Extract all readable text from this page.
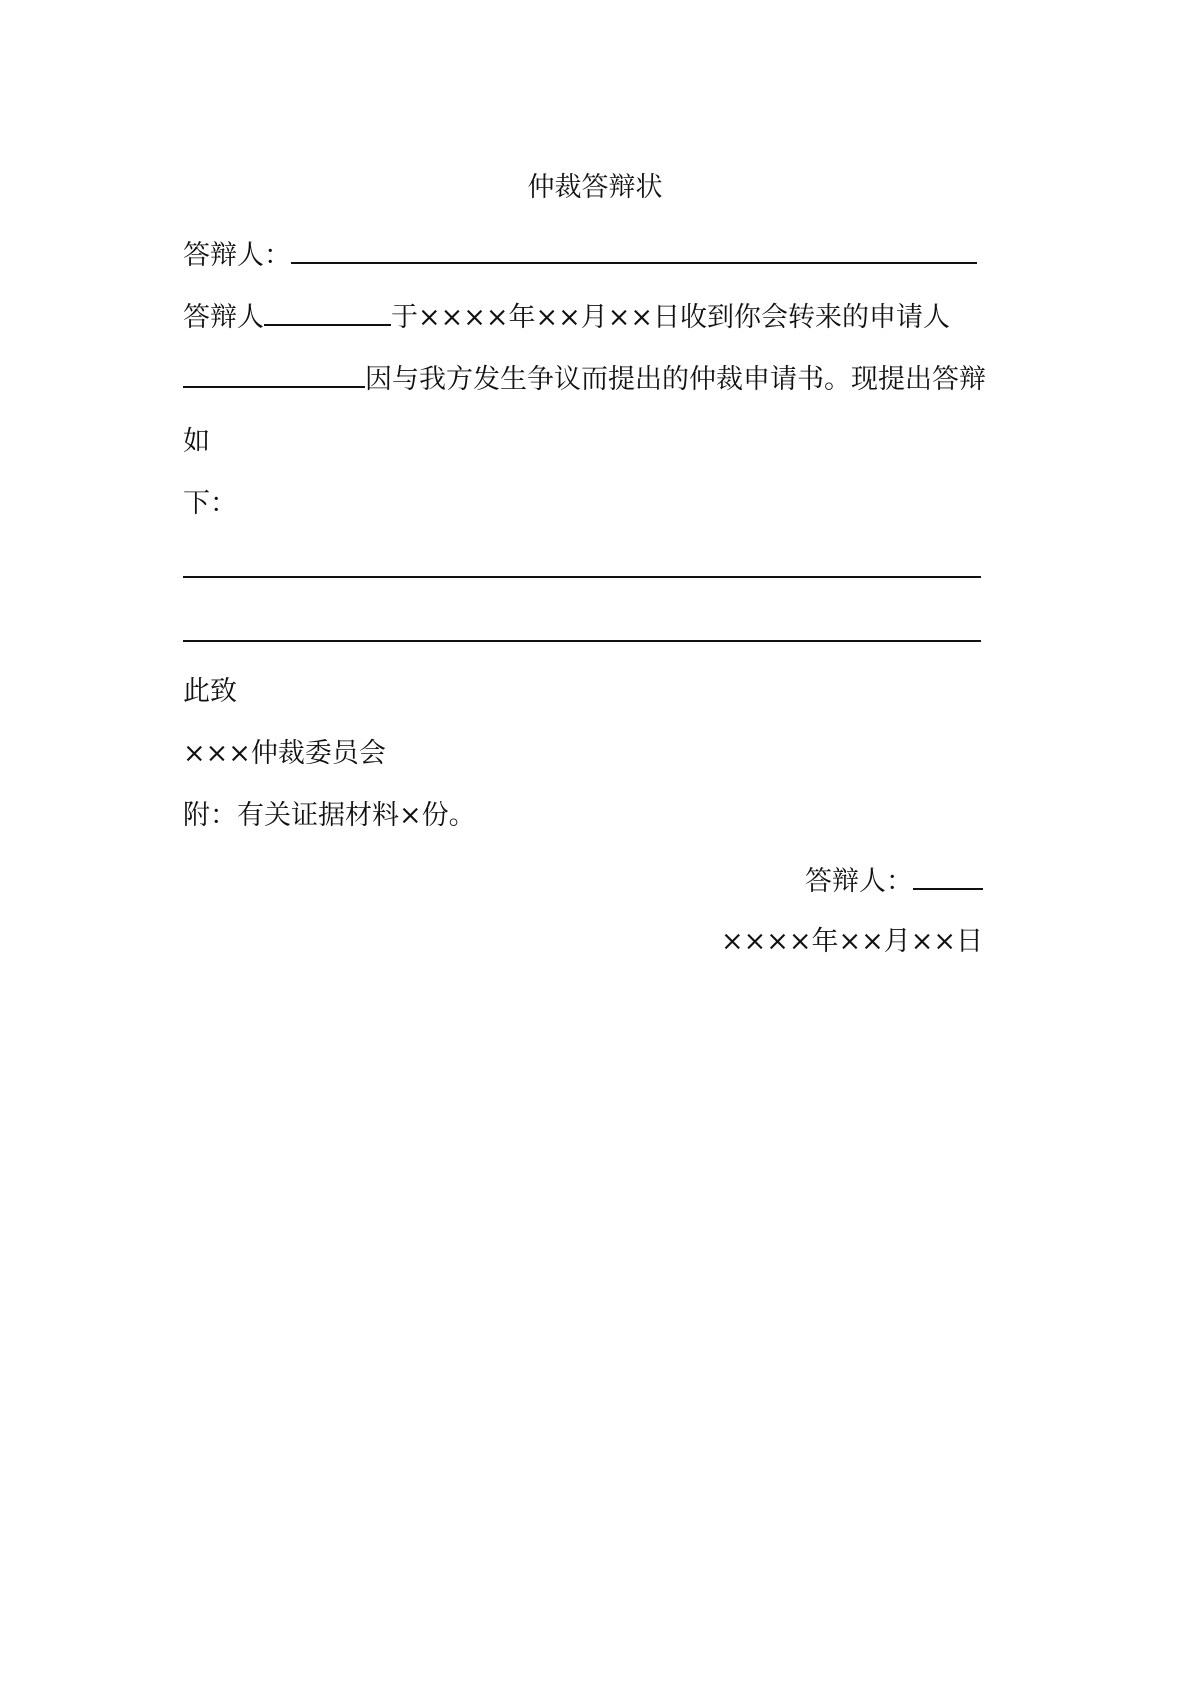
仲裁答辩状
答辩人：
答辩人	于××××年××月××日收到你会转来的申请人
因与我方发生争议而提出的仲裁申请书。现提出答辩
如
下：
此致
×××仲裁委员会
附：有关证据材料×份。
答辩人：
××××年××月××日
